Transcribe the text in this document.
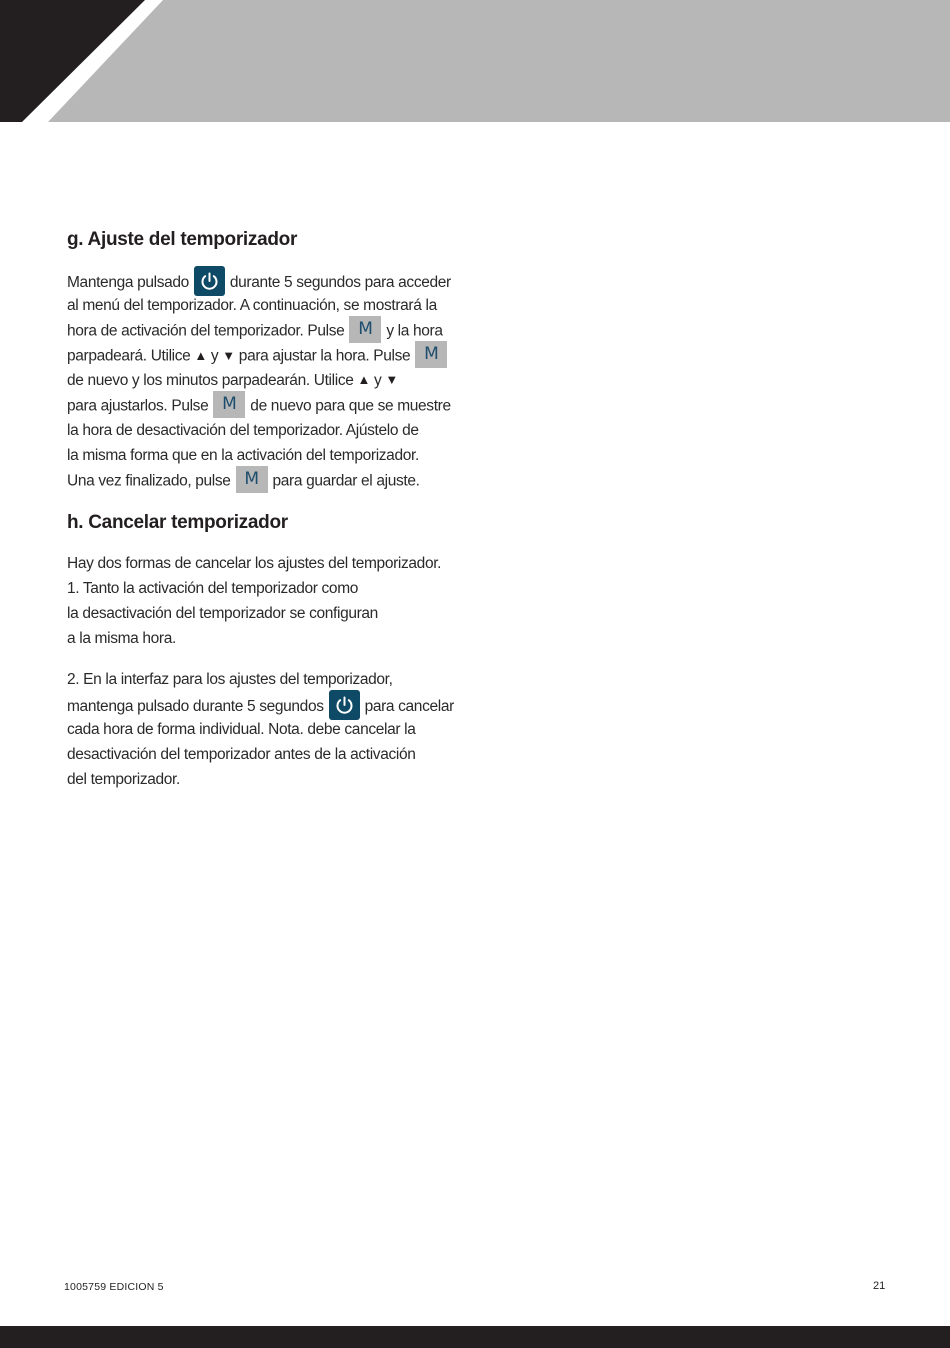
g. Ajuste del temporizador
Mantenga pulsado	durante 5 segundos para acceder
al menú del temporizador. A continuación, se mostrará la
hora de activación del temporizador. Pulse M y la hora
parpadeará. Utilice ▲ y ▼ para ajustar la hora. Pulse M
de nuevo y los minutos parpadearán. Utilice ▲ y ▼
para ajustarlos. Pulse M de nuevo para que se muestre
la hora de desactivación del temporizador. Ajústelo de
la misma forma que en la activación del temporizador.
Una vez finalizado, pulse M para guardar el ajuste.
h. Cancelar temporizador
Hay dos formas de cancelar los ajustes del temporizador.
1. Tanto la activación del temporizador como
la desactivación del temporizador se configuran
a la misma hora.
2. En la interfaz para los ajustes del temporizador,
mantenga pulsado durante 5 segundos	para cancelar
cada hora de forma individual. Nota. debe cancelar la
desactivación del temporizador antes de la activación
del temporizador.
1005759 EDICION 5	21
